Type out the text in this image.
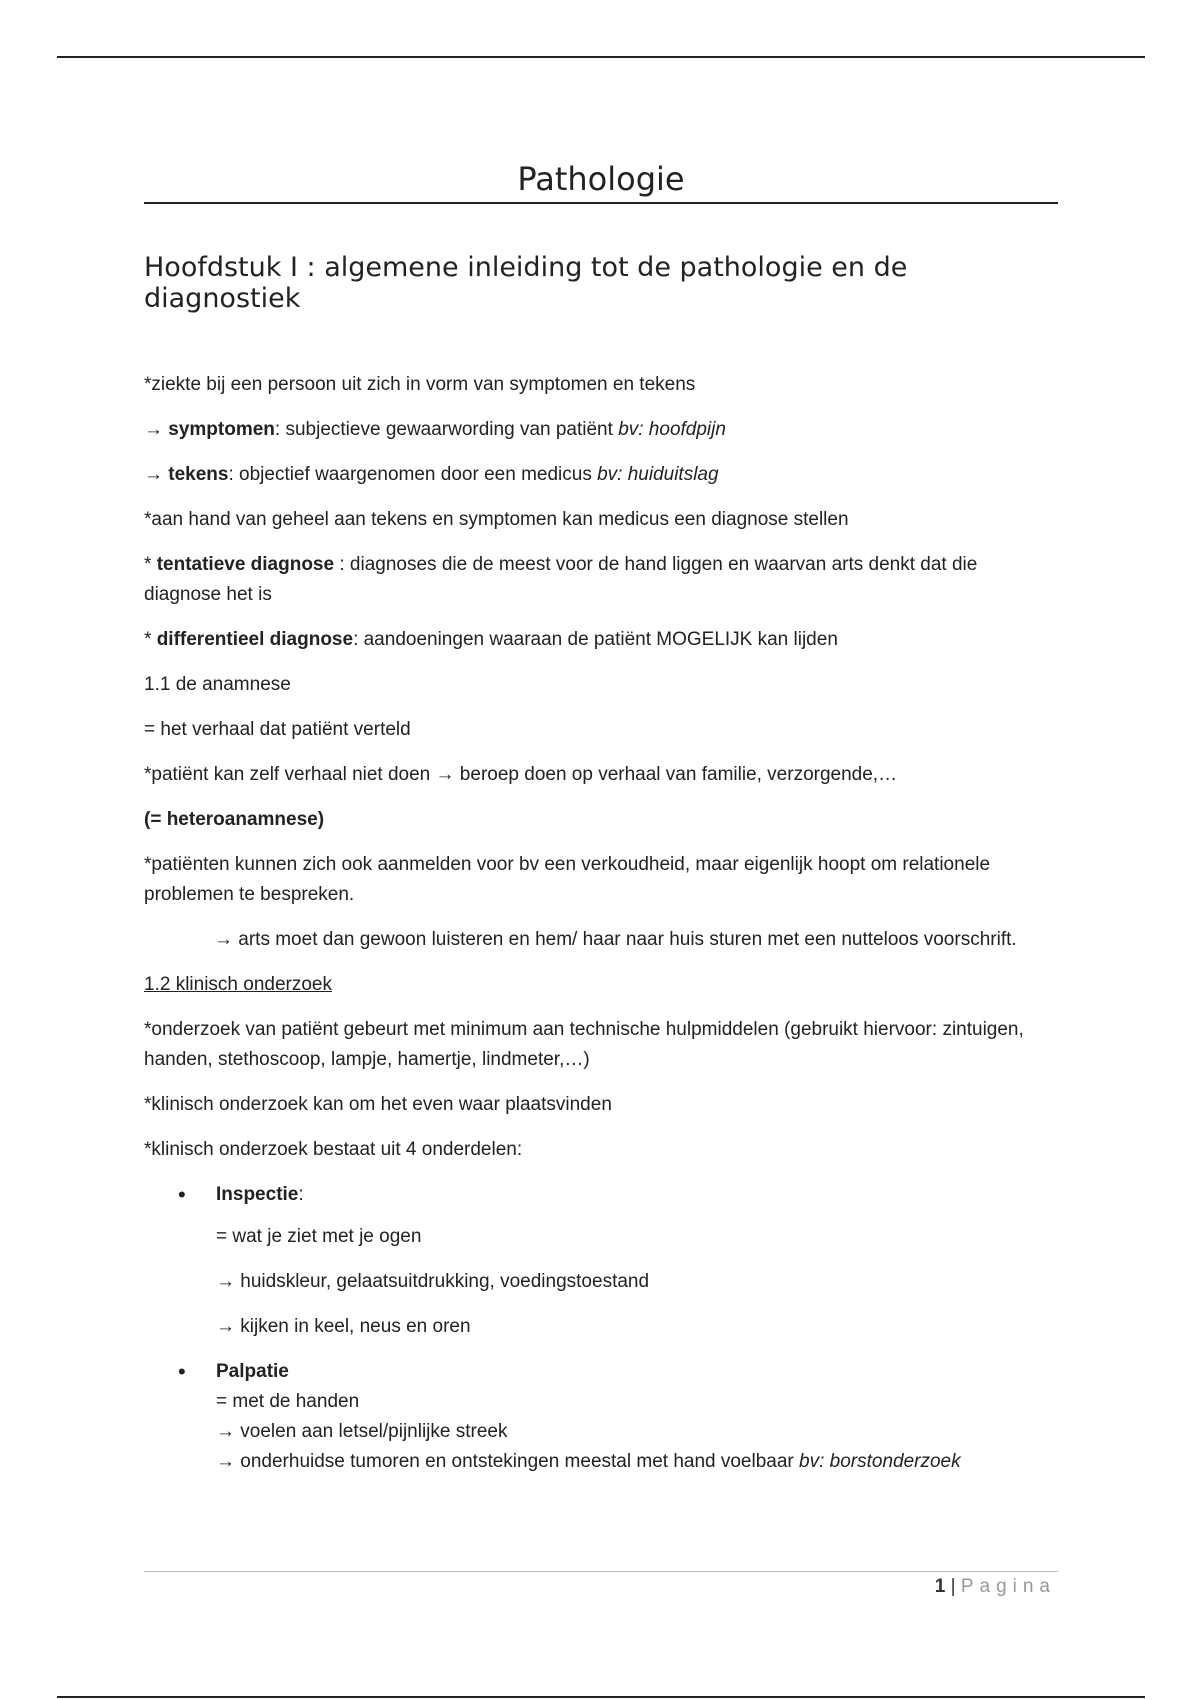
Pathologie
Hoofdstuk I : algemene inleiding tot de pathologie en de diagnostiek

*ziekte bij een persoon uit zich in vorm van symptomen en tekens

→ symptomen: subjectieve gewaarwording van patiënt bv: hoofdpijn

→ tekens: objectief waargenomen door een medicus bv: huiduitslag

*aan hand van geheel aan tekens en symptomen kan medicus een diagnose stellen

* tentatieve diagnose : diagnoses die de meest voor de hand liggen en waarvan arts denkt dat die diagnose het is

* differentieel diagnose: aandoeningen waaraan de patiënt MOGELIJK kan lijden

1.1 de anamnese

= het verhaal dat patiënt verteld

*patiënt kan zelf verhaal niet doen → beroep doen op verhaal van familie, verzorgende,…

(= heteroanamnese)

*patiënten kunnen zich ook aanmelden voor bv een verkoudheid, maar eigenlijk hoopt om relationele problemen te bespreken.

→ arts moet dan gewoon luisteren en hem/ haar naar huis sturen met een nutteloos voorschrift.

1.2 klinisch onderzoek

*onderzoek van patiënt gebeurt met minimum aan technische hulpmiddelen (gebruikt hiervoor: zintuigen, handen, stethoscoop, lampje, hamertje, lindmeter,…)

*klinisch onderzoek kan om het even waar plaatsvinden

*klinisch onderzoek bestaat uit 4 onderdelen:

• Inspectie:

= wat je ziet met je ogen

→ huidskleur, gelaatsuitdrukking, voedingstoestand

→ kijken in keel, neus en oren

• Palpatie

= met de handen

→ voelen aan letsel/pijnlijke streek

→ onderhuidse tumoren en ontstekingen meestal met hand voelbaar bv: borstonderzoek

1 | Pagina
